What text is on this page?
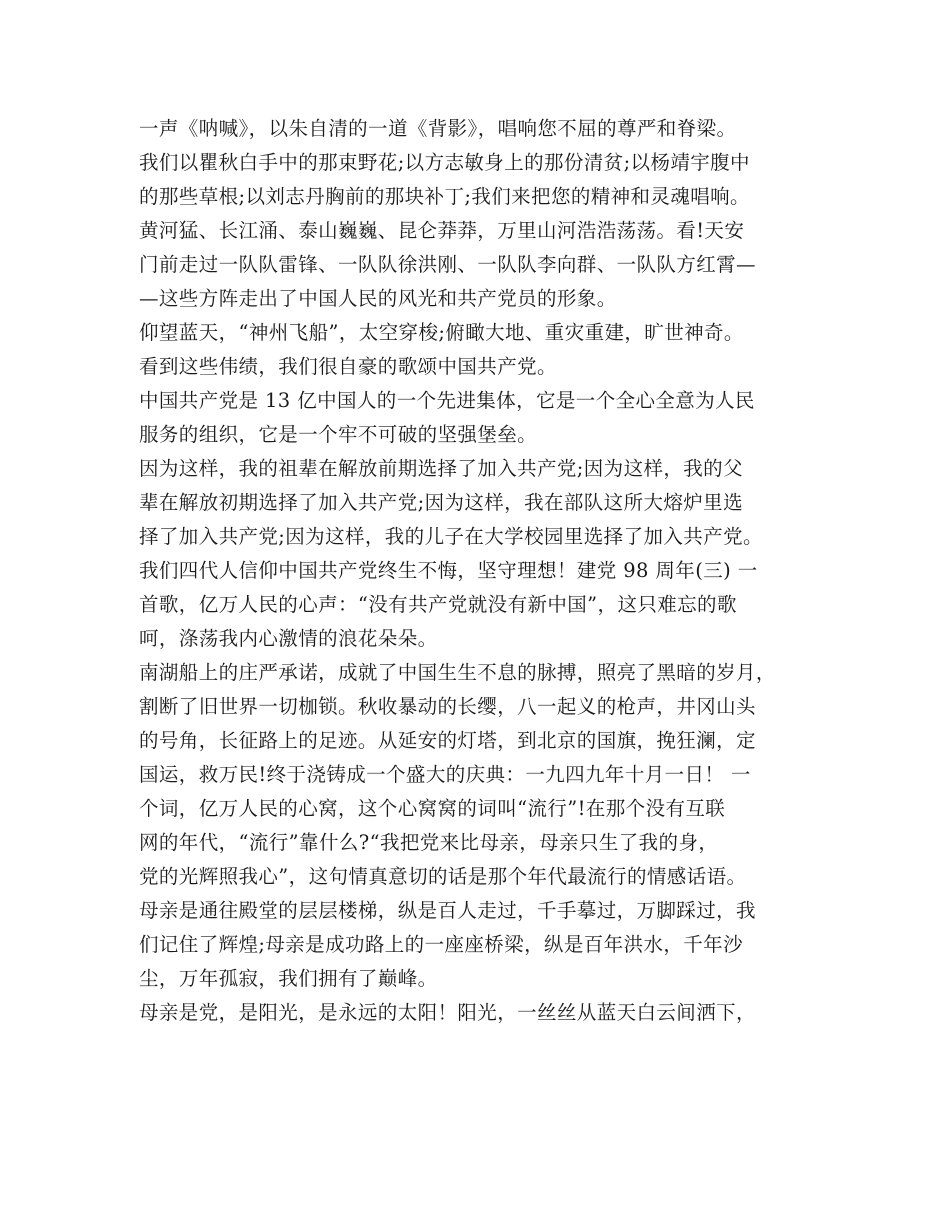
一声《呐喊》，以朱自清的一道《背影》，唱响您不屈的尊严和脊梁。
我们以瞿秋白手中的那束野花;以方志敏身上的那份清贫;以杨靖宇腹中
的那些草根;以刘志丹胸前的那块补丁;我们来把您的精神和灵魂唱响。
黄河猛、长江涌、泰山巍巍、昆仑莽莽，万里山河浩浩荡荡。看!天安
门前走过一队队雷锋、一队队徐洪刚、一队队李向群、一队队方红霄—
—这些方阵走出了中国人民的风光和共产党员的形象。
仰望蓝天，“神州飞船”，太空穿梭;俯瞰大地、重灾重建，旷世神奇。
看到这些伟绩，我们很自豪的歌颂中国共产党。
中国共产党是 13 亿中国人的一个先进集体，它是一个全心全意为人民
服务的组织，它是一个牢不可破的坚强堡垒。
因为这样，我的祖辈在解放前期选择了加入共产党;因为这样，我的父
辈在解放初期选择了加入共产党;因为这样，我在部队这所大熔炉里选
择了加入共产党;因为这样，我的儿子在大学校园里选择了加入共产党。
我们四代人信仰中国共产党终生不悔，坚守理想！建党 98 周年(三) 一
首歌，亿万人民的心声：“没有共产党就没有新中国”，这只难忘的歌
呵，涤荡我内心激情的浪花朵朵。
南湖船上的庄严承诺，成就了中国生生不息的脉搏，照亮了黑暗的岁月，
割断了旧世界一切枷锁。秋收暴动的长缨，八一起义的枪声，井冈山头
的号角，长征路上的足迹。从延安的灯塔，到北京的国旗，挽狂澜，定
国运，救万民!终于浇铸成一个盛大的庆典：一九四九年十月一日！ 一
个词，亿万人民的心窝，这个心窝窝的词叫“流行”!在那个没有互联
网的年代，“流行”靠什么?“我把党来比母亲，母亲只生了我的身，
党的光辉照我心”，这句情真意切的话是那个年代最流行的情感话语。
母亲是通往殿堂的层层楼梯，纵是百人走过，千手摹过，万脚踩过，我
们记住了辉煌;母亲是成功路上的一座座桥梁，纵是百年洪水，千年沙
尘，万年孤寂，我们拥有了巅峰。
母亲是党，是阳光，是永远的太阳！阳光，一丝丝从蓝天白云间洒下，
